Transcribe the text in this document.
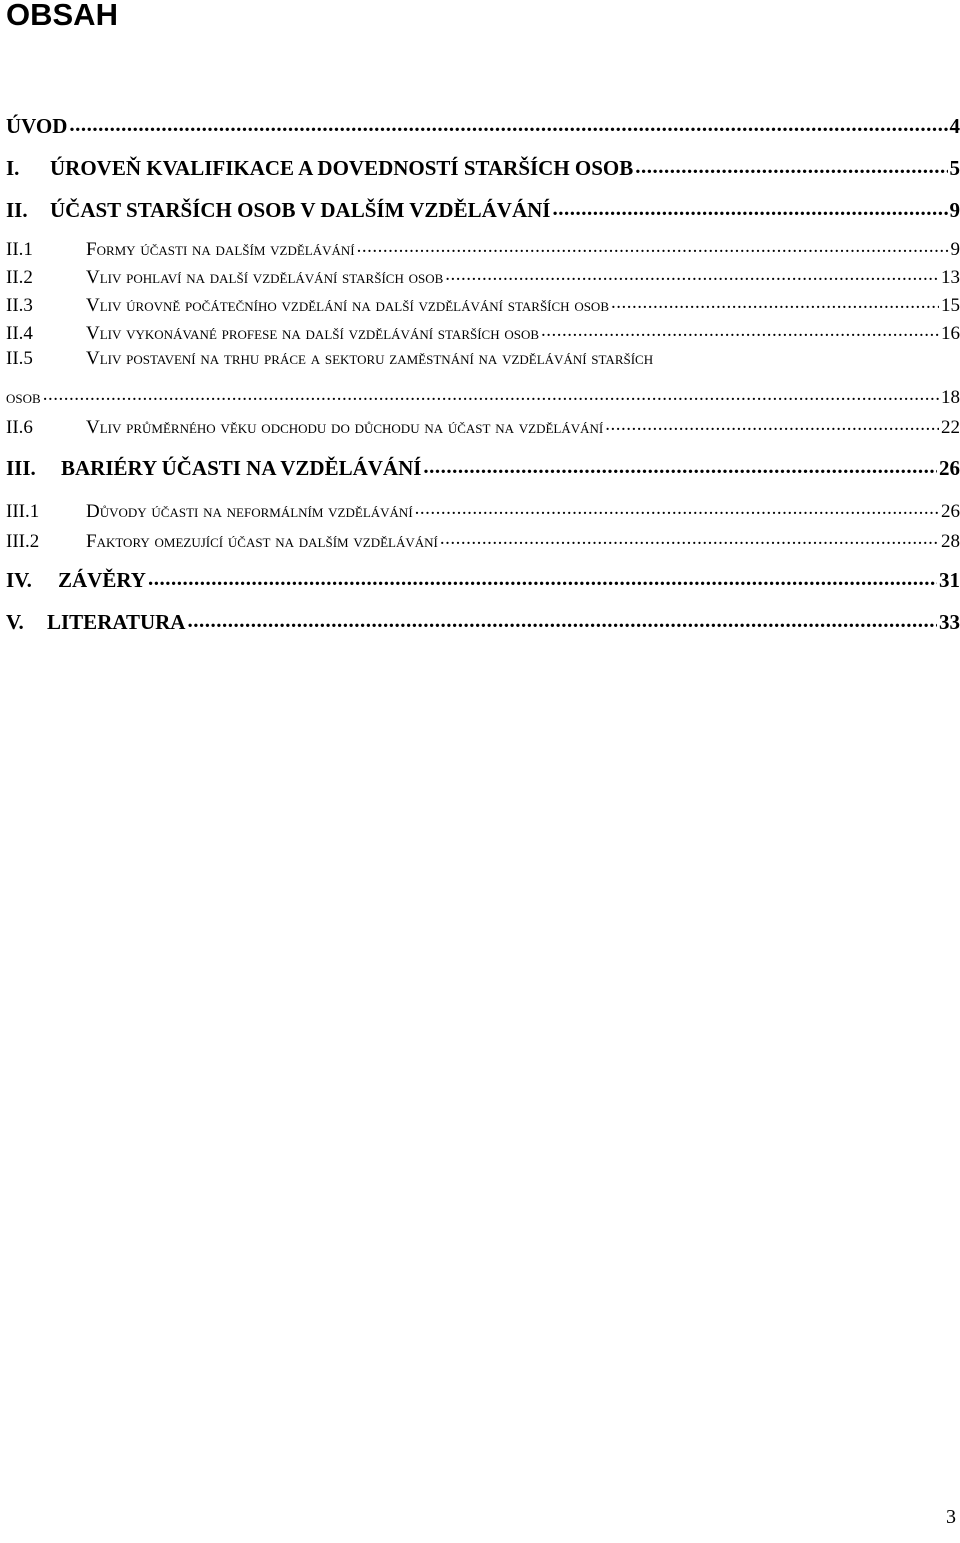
OBSAH
ÚVOD .....	4
I.	ÚROVEŇ KVALIFIKACE A DOVEDNOSTÍ STARŠÍCH OSOB .....	5
II.	ÚČAST STARŠÍCH OSOB V DALŠÍM VZDĚLÁVÁNÍ .....	9
II.1	Formy účasti na dalším vzdělávání .....	9
II.2	Vliv pohlaví na další vzdělávání starších osob .....	13
II.3	Vliv úrovně počátečního vzdělání na další vzdělávání starších osob .....	15
II.4	Vliv vykonávané profese na další vzdělávání starších osob .....	16
II.5	Vliv postavení na trhu práce a sektoru zaměstnání na vzdělávání starších
osob .....	18
II.6	Vliv průměrného věku odchodu do důchodu na účast na vzdělávání .....	22
III.	BARIÉRY ÚČASTI NA VZDĚLÁVÁNÍ .....	26
III.1	Důvody účasti na neformálním vzdělávání .....	26
III.2	Faktory omezující účast na dalším vzdělávání .....	28
IV.	ZÁVĚRY .....	31
V.	LITERATURA .....	33
3
